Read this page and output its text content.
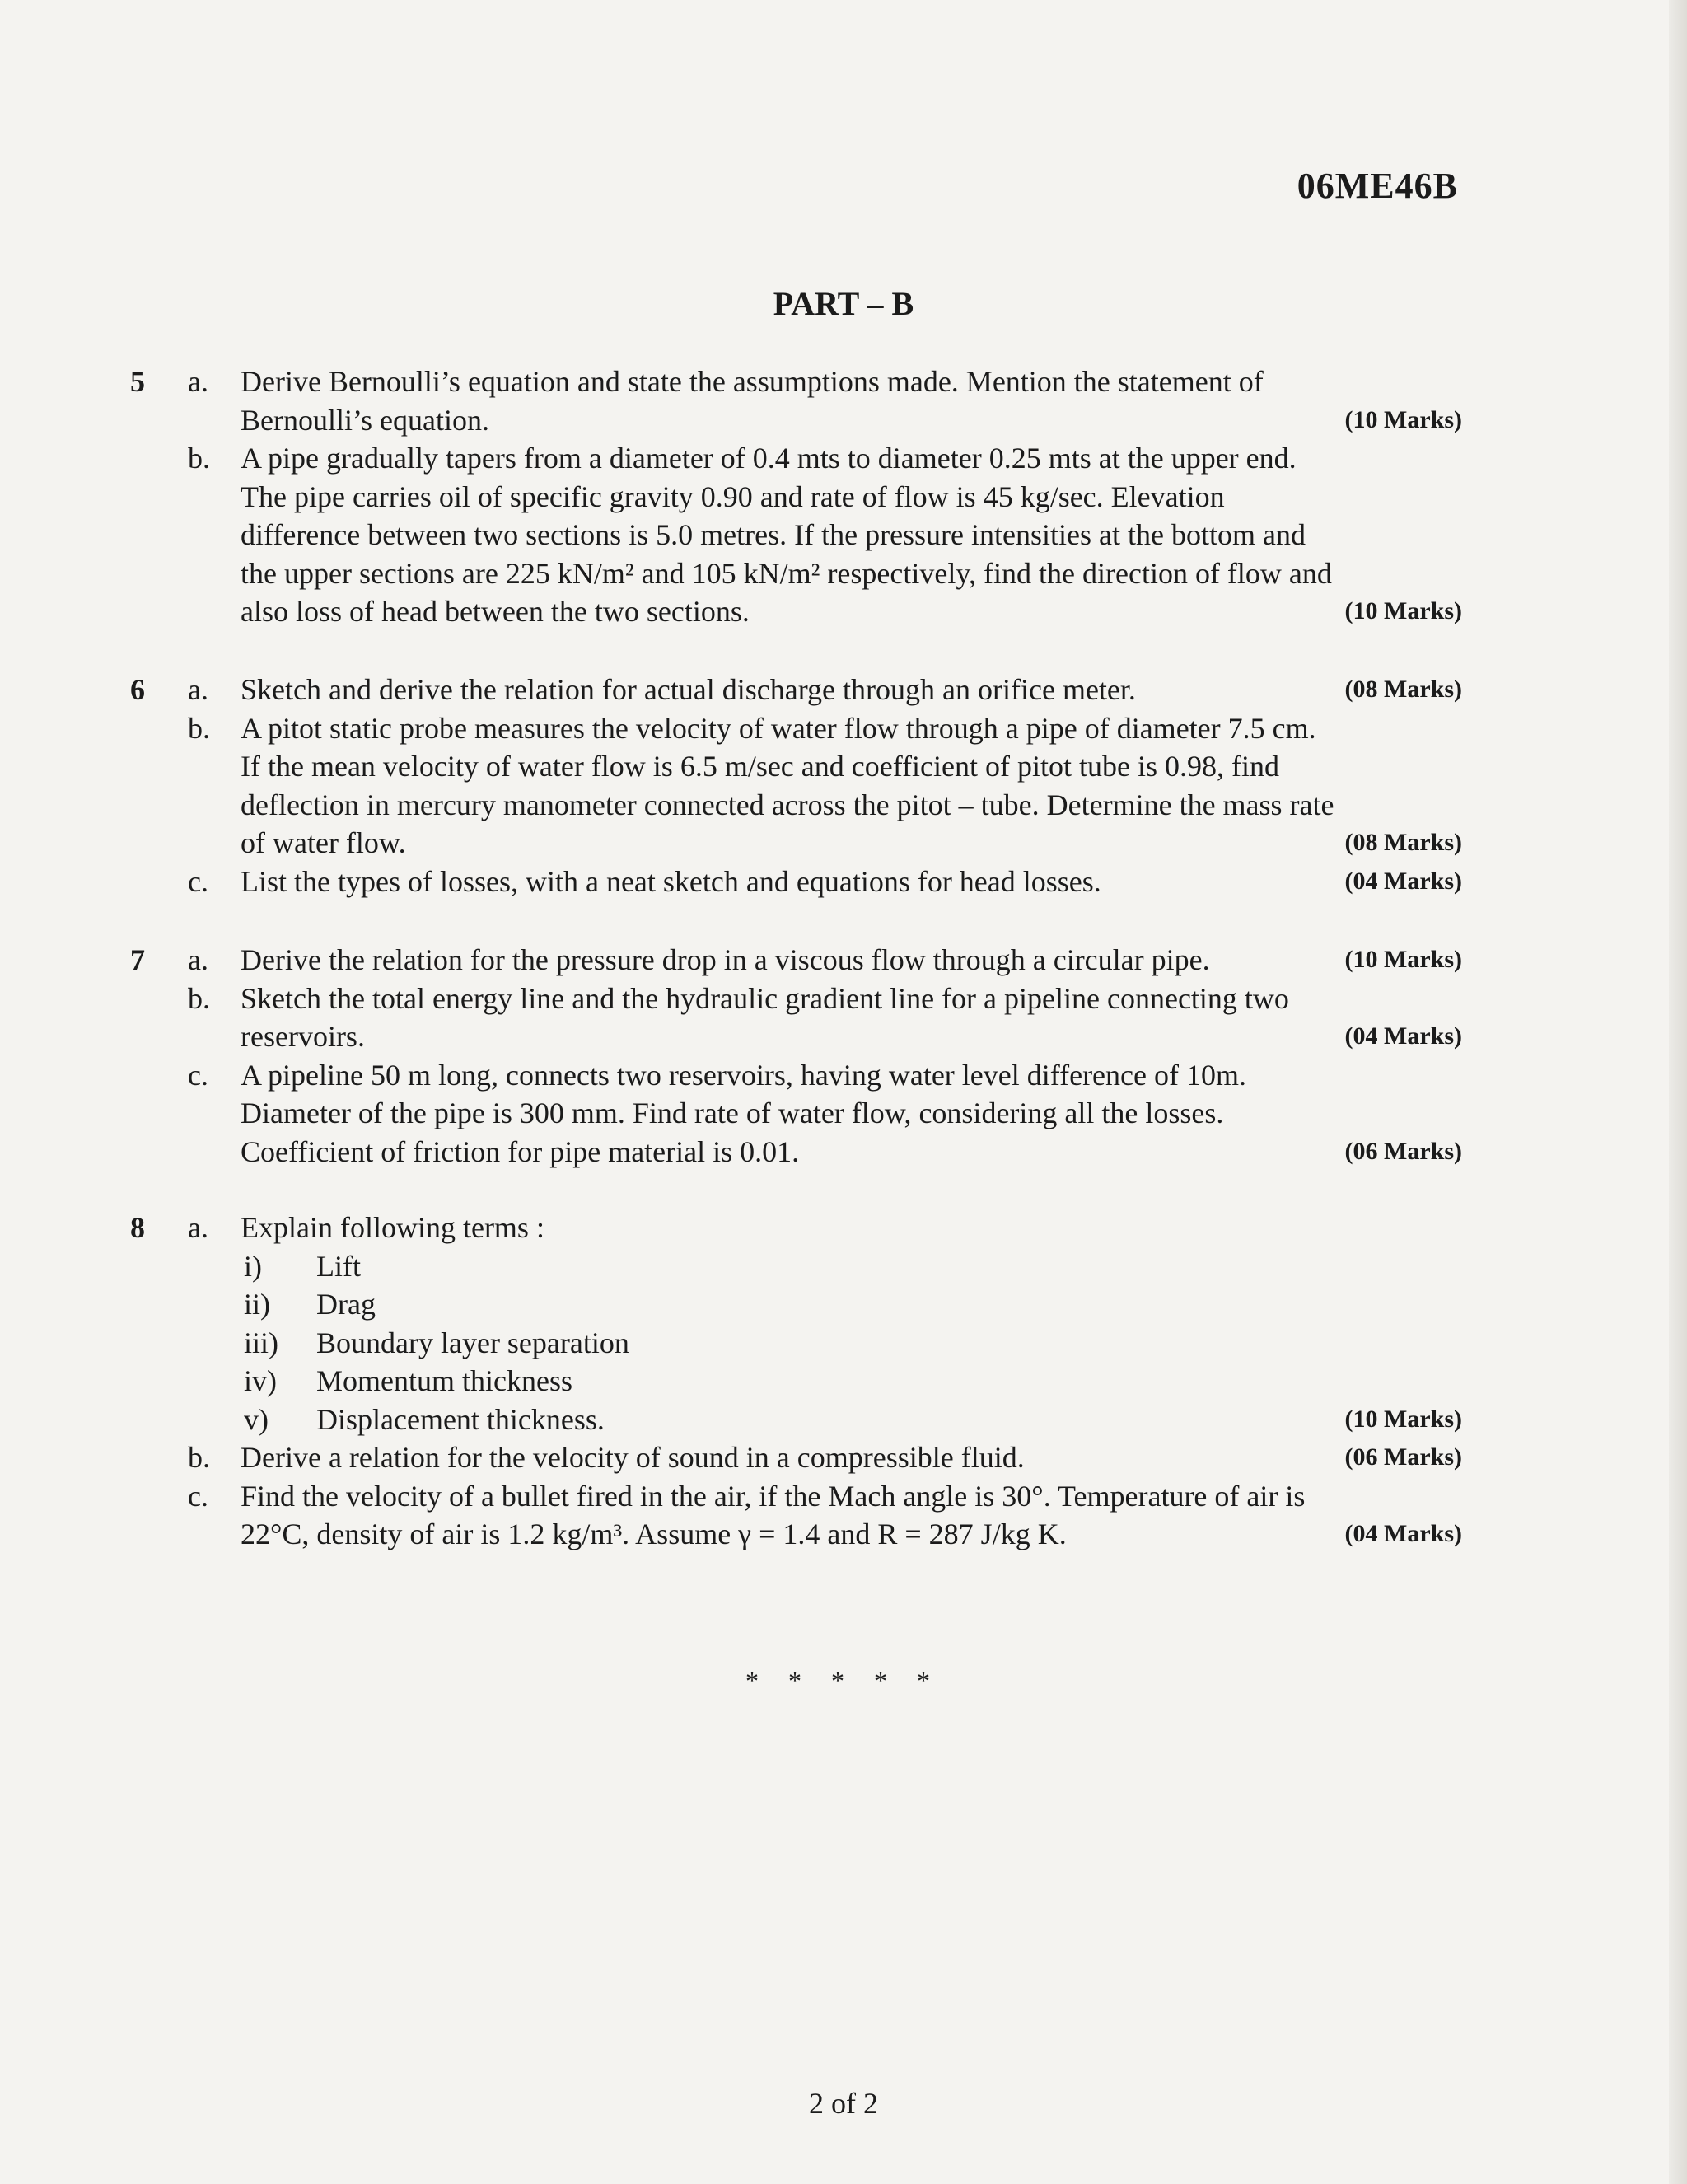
06ME46B
PART – B
5 a. Derive Bernoulli’s equation and state the assumptions made. Mention the statement of
Bernoulli’s equation.	(10 Marks)
b. A pipe gradually tapers from a diameter of 0.4 mts to diameter 0.25 mts at the upper end.
The pipe carries oil of specific gravity 0.90 and rate of flow is 45 kg/sec. Elevation
difference between two sections is 5.0 metres. If the pressure intensities at the bottom and
the upper sections are 225 kN/m² and 105 kN/m² respectively, find the direction of flow and
also loss of head between the two sections.	(10 Marks)
6 a. Sketch and derive the relation for actual discharge through an orifice meter.	(08 Marks)
b. A pitot static probe measures the velocity of water flow through a pipe of diameter 7.5 cm.
If the mean velocity of water flow is 6.5 m/sec and coefficient of pitot tube is 0.98, find
deflection in mercury manometer connected across the pitot – tube. Determine the mass rate
of water flow.	(08 Marks)
c. List the types of losses, with a neat sketch and equations for head losses.	(04 Marks)
7 a. Derive the relation for the pressure drop in a viscous flow through a circular pipe.	(10 Marks)
b. Sketch the total energy line and the hydraulic gradient line for a pipeline connecting two
reservoirs.	(04 Marks)
c. A pipeline 50 m long, connects two reservoirs, having water level difference of 10m.
Diameter of the pipe is 300 mm. Find rate of water flow, considering all the losses.
Coefficient of friction for pipe material is 0.01.	(06 Marks)
8 a. Explain following terms :
i)	Lift
ii)	Drag
iii)	Boundary layer separation
iv)	Momentum thickness
v)	Displacement thickness.	(10 Marks)
b. Derive a relation for the velocity of sound in a compressible fluid.	(06 Marks)
c. Find the velocity of a bullet fired in the air, if the Mach angle is 30°. Temperature of air is
22°C, density of air is 1.2 kg/m³. Assume γ = 1.4 and R = 287 J/kg K.	(04 Marks)
* * * * *
2 of 2
